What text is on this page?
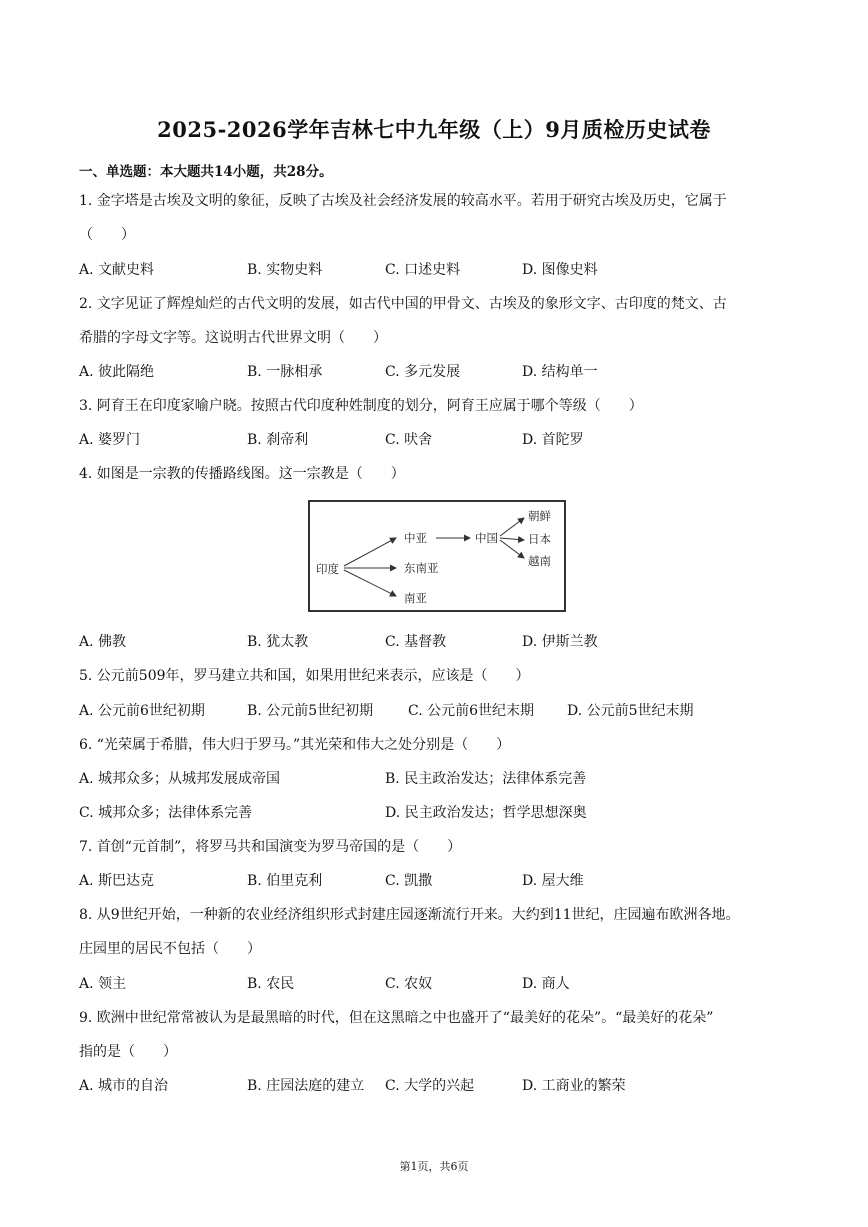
2025-2026学年吉林七中九年级（上）9月质检历史试卷
一、单选题：本大题共14小题，共28分。
1. 金字塔是古埃及文明的象征，反映了古埃及社会经济发展的较高水平。若用于研究古埃及历史，它属于
（　　）
A. 文献史料	B. 实物史料	C. 口述史料	D. 图像史料
2. 文字见证了辉煌灿烂的古代文明的发展，如古代中国的甲骨文、古埃及的象形文字、古印度的梵文、古
希腊的字母文字等。这说明古代世界文明（　　）
A. 彼此隔绝	B. 一脉相承	C. 多元发展	D. 结构单一
3. 阿育王在印度家喻户晓。按照古代印度种姓制度的划分，阿育王应属于哪个等级（　　）
A. 婆罗门	B. 刹帝利	C. 吠舍	D. 首陀罗
4. 如图是一宗教的传播路线图。这一宗教是（　　）
印度
中亚
东南亚
南亚
中国
朝鲜
日本
越南
A. 佛教	B. 犹太教	C. 基督教	D. 伊斯兰教
5. 公元前509年，罗马建立共和国，如果用世纪来表示，应该是（　　）
A. 公元前6世纪初期	B. 公元前5世纪初期 C. 公元前6世纪末期 D. 公元前5世纪末期
6. “光荣属于希腊，伟大归于罗马。”其光荣和伟大之处分别是（　　）
A. 城邦众多；从城邦发展成帝国	B. 民主政治发达；法律体系完善
C. 城邦众多；法律体系完善	D. 民主政治发达；哲学思想深奥
7. 首创“元首制”，将罗马共和国演变为罗马帝国的是（　　）
A. 斯巴达克	B. 伯里克利	C. 凯撒	D. 屋大维
8. 从9世纪开始，一种新的农业经济组织形式封建庄园逐渐流行开来。大约到11世纪，庄园遍布欧洲各地。
庄园里的居民不包括（　　）
A. 领主	B. 农民	C. 农奴	D. 商人
9. 欧洲中世纪常常被认为是最黑暗的时代，但在这黑暗之中也盛开了“最美好的花朵”。“最美好的花朵”
指的是（　　）
A. 城市的自治	B. 庄园法庭的建立 C. 大学的兴起	D. 工商业的繁荣
第1页，共6页
